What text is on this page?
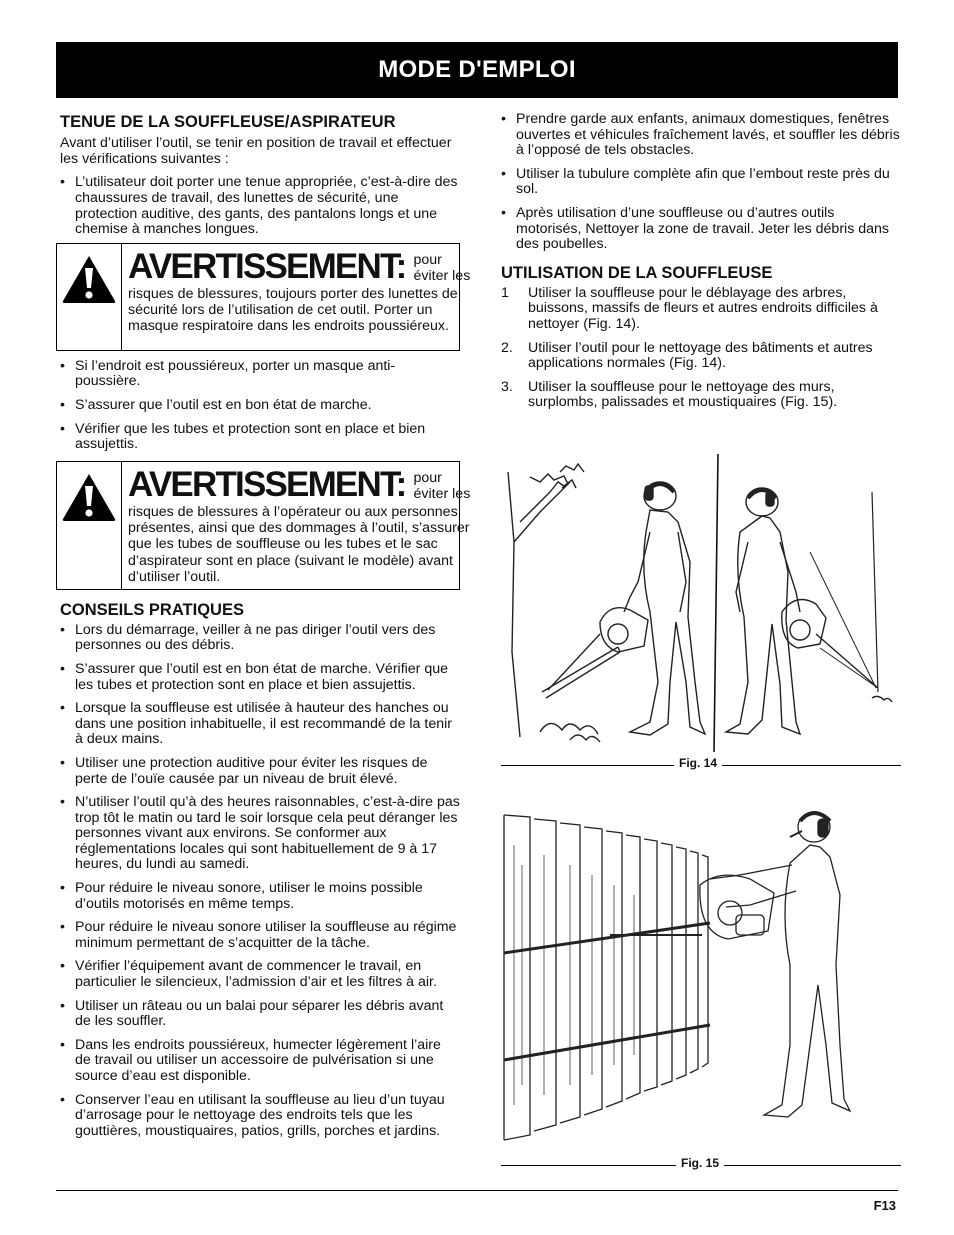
MODE D'EMPLOI
TENUE DE LA SOUFFLEUSE/ASPIRATEUR

Avant d’utiliser l’outil, se tenir en position de travail et effectuer les vérifications suivantes :

• L’utilisateur doit porter une tenue appropriée, c’est-à-dire des chaussures de travail, des lunettes de sécurité, une protection auditive, des gants, des pantalons longs et une chemise à manches longues.
AVERTISSEMENT: pour éviter les
risques de blessures, toujours porter des lunettes de sécurité lors de l’utilisation de cet outil. Porter un masque respiratoire dans les endroits poussiéreux.
• Si l’endroit est poussiéreux, porter un masque anti-poussière.
• S’assurer que l’outil est en bon état de marche.
• Vérifier que les tubes et protection sont en place et bien assujettis.
AVERTISSEMENT: pour éviter les
risques de blessures à l’opérateur ou aux personnes présentes, ainsi que des dommages à l’outil, s’assurer que les tubes de souffleuse ou les tubes et le sac d’aspirateur sont en place (suivant le modèle) avant d’utiliser l’outil.
CONSEILS PRATIQUES
• Lors du démarrage, veiller à ne pas diriger l’outil vers des personnes ou des débris.
• S’assurer que l’outil est en bon état de marche. Vérifier que les tubes et protection sont en place et bien assujettis.
• Lorsque la souffleuse est utilisée à hauteur des hanches ou dans une position inhabituelle, il est recommandé de la tenir à deux mains.
• Utiliser une protection auditive pour éviter les risques de perte de l’ouïe causée par un niveau de bruit élevé.
• N’utiliser l’outil qu’à des heures raisonnables, c’est-à-dire pas trop tôt le matin ou tard le soir lorsque cela peut déranger les personnes vivant aux environs. Se conformer aux réglementations locales qui sont habituellement de 9 à 17 heures, du lundi au samedi.
• Pour réduire le niveau sonore, utiliser le moins possible d’outils motorisés en même temps.
• Pour réduire le niveau sonore utiliser la souffleuse au régime minimum permettant de s’acquitter de la tâche.
• Vérifier l’équipement avant de commencer le travail, en particulier le silencieux, l’admission d’air et les filtres à air.
• Utiliser un râteau ou un balai pour séparer les débris avant de les souffler.
• Dans les endroits poussiéreux, humecter légèrement l’aire de travail ou utiliser un accessoire de pulvérisation si une source d’eau est disponible.
• Conserver l’eau en utilisant la souffleuse au lieu d’un tuyau d’arrosage pour le nettoyage des endroits tels que les gouttières, moustiquaires, patios, grills, porches et jardins.
• Prendre garde aux enfants, animaux domestiques, fenêtres ouvertes et véhicules fraîchement lavés, et souffler les débris à l’opposé de tels obstacles.
• Utiliser la tubulure complète afin que l’embout reste près du sol.
• Après utilisation d’une souffleuse ou d’autres outils motorisés, Nettoyer la zone de travail. Jeter les débris dans des poubelles.
UTILISATION DE LA SOUFFLEUSE
1 Utiliser la souffleuse pour le déblayage des arbres, buissons, massifs de fleurs et autres endroits difficiles à nettoyer (Fig. 14).
2. Utiliser l’outil pour le nettoyage des bâtiments et autres applications normales (Fig. 14).
3. Utiliser la souffleuse pour le nettoyage des murs, surplombs, palissades et moustiquaires (Fig. 15).
Fig. 14
Fig. 15
F13
